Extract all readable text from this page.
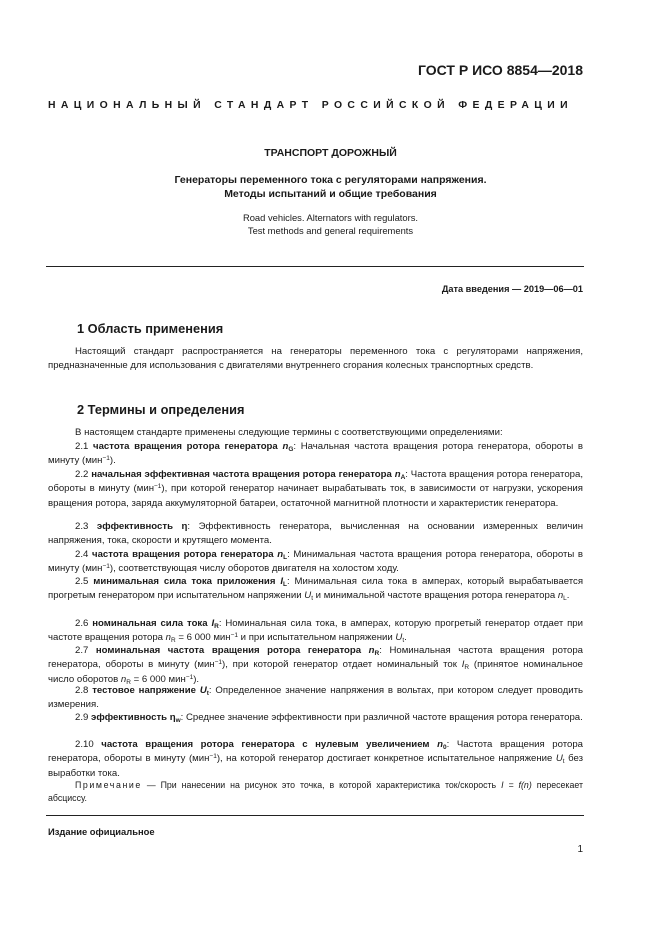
ГОСТ Р ИСО 8854—2018
НАЦИОНАЛЬНЫЙ СТАНДАРТ РОССИЙСКОЙ ФЕДЕРАЦИИ
ТРАНСПОРТ ДОРОЖНЫЙ
Генераторы переменного тока с регуляторами напряжения.
Методы испытаний и общие требования
Road vehicles. Alternators with regulators.
Test methods and general requirements
Дата введения — 2019—06—01
1 Область применения
Настоящий стандарт распространяется на генераторы переменного тока с регуляторами напряжения, предназначенные для использования с двигателями внутреннего сгорания колесных транспортных средств.
2 Термины и определения
В настоящем стандарте применены следующие термины с соответствующими определениями:
2.1 частота вращения ротора генератора $n_G$: Начальная частота вращения ротора генератора, обороты в минуту (мин$^{-1}$).
2.2 начальная эффективная частота вращения ротора генератора $n_A$: Частота вращения ротора генератора, обороты в минуту (мин$^{-1}$), при которой генератор начинает вырабатывать ток, в зависимости от нагрузки, ускорения вращения ротора, заряда аккумуляторной батареи, остаточной магнитной плотности и характеристик генератора.
2.3 эффективность η: Эффективность генератора, вычисленная на основании измеренных величин напряжения, тока, скорости и крутящего момента.
2.4 частота вращения ротора генератора $n_L$: Минимальная частота вращения ротора генератора, обороты в минуту (мин$^{-1}$), соответствующая числу оборотов двигателя на холостом ходу.
2.5 минимальная сила тока приложения $I_L$: Минимальная сила тока в амперах, который вырабатывается прогретым генератором при испытательном напряжении $U_t$ и минимальной частоте вращения ротора генератора $n_L$.
2.6 номинальная сила тока $I_R$: Номинальная сила тока, в амперах, которую прогретый генератор отдает при частоте вращения ротора $n_R = 6$ 000 мин$^{-1}$ и при испытательном напряжении $U_t$.
2.7 номинальная частота вращения ротора генератора $n_R$: Номинальная частота вращения ротора генератора, обороты в минуту (мин$^{-1}$), при которой генератор отдает номинальный ток $I_R$ (принятое номинальное число оборотов $n_R = 6$ 000 мин$^{-1}$).
2.8 тестовое напряжение $U_t$: Определенное значение напряжения в вольтах, при котором следует проводить измерения.
2.9 эффективность $\eta_w$: Среднее значение эффективности при различной частоте вращения ротора генератора.
2.10 частота вращения ротора генератора с нулевым увеличением $n_0$: Частота вращения ротора генератора, обороты в минуту (мин$^{-1}$), на которой генератор достигает конкретное испытательное напряжение $U_t$ без выработки тока.
Примечание — При нанесении на рисунок это точка, в которой характеристика ток/скорость I = f(n) пересекает абсциссу.
Издание официальное
1
